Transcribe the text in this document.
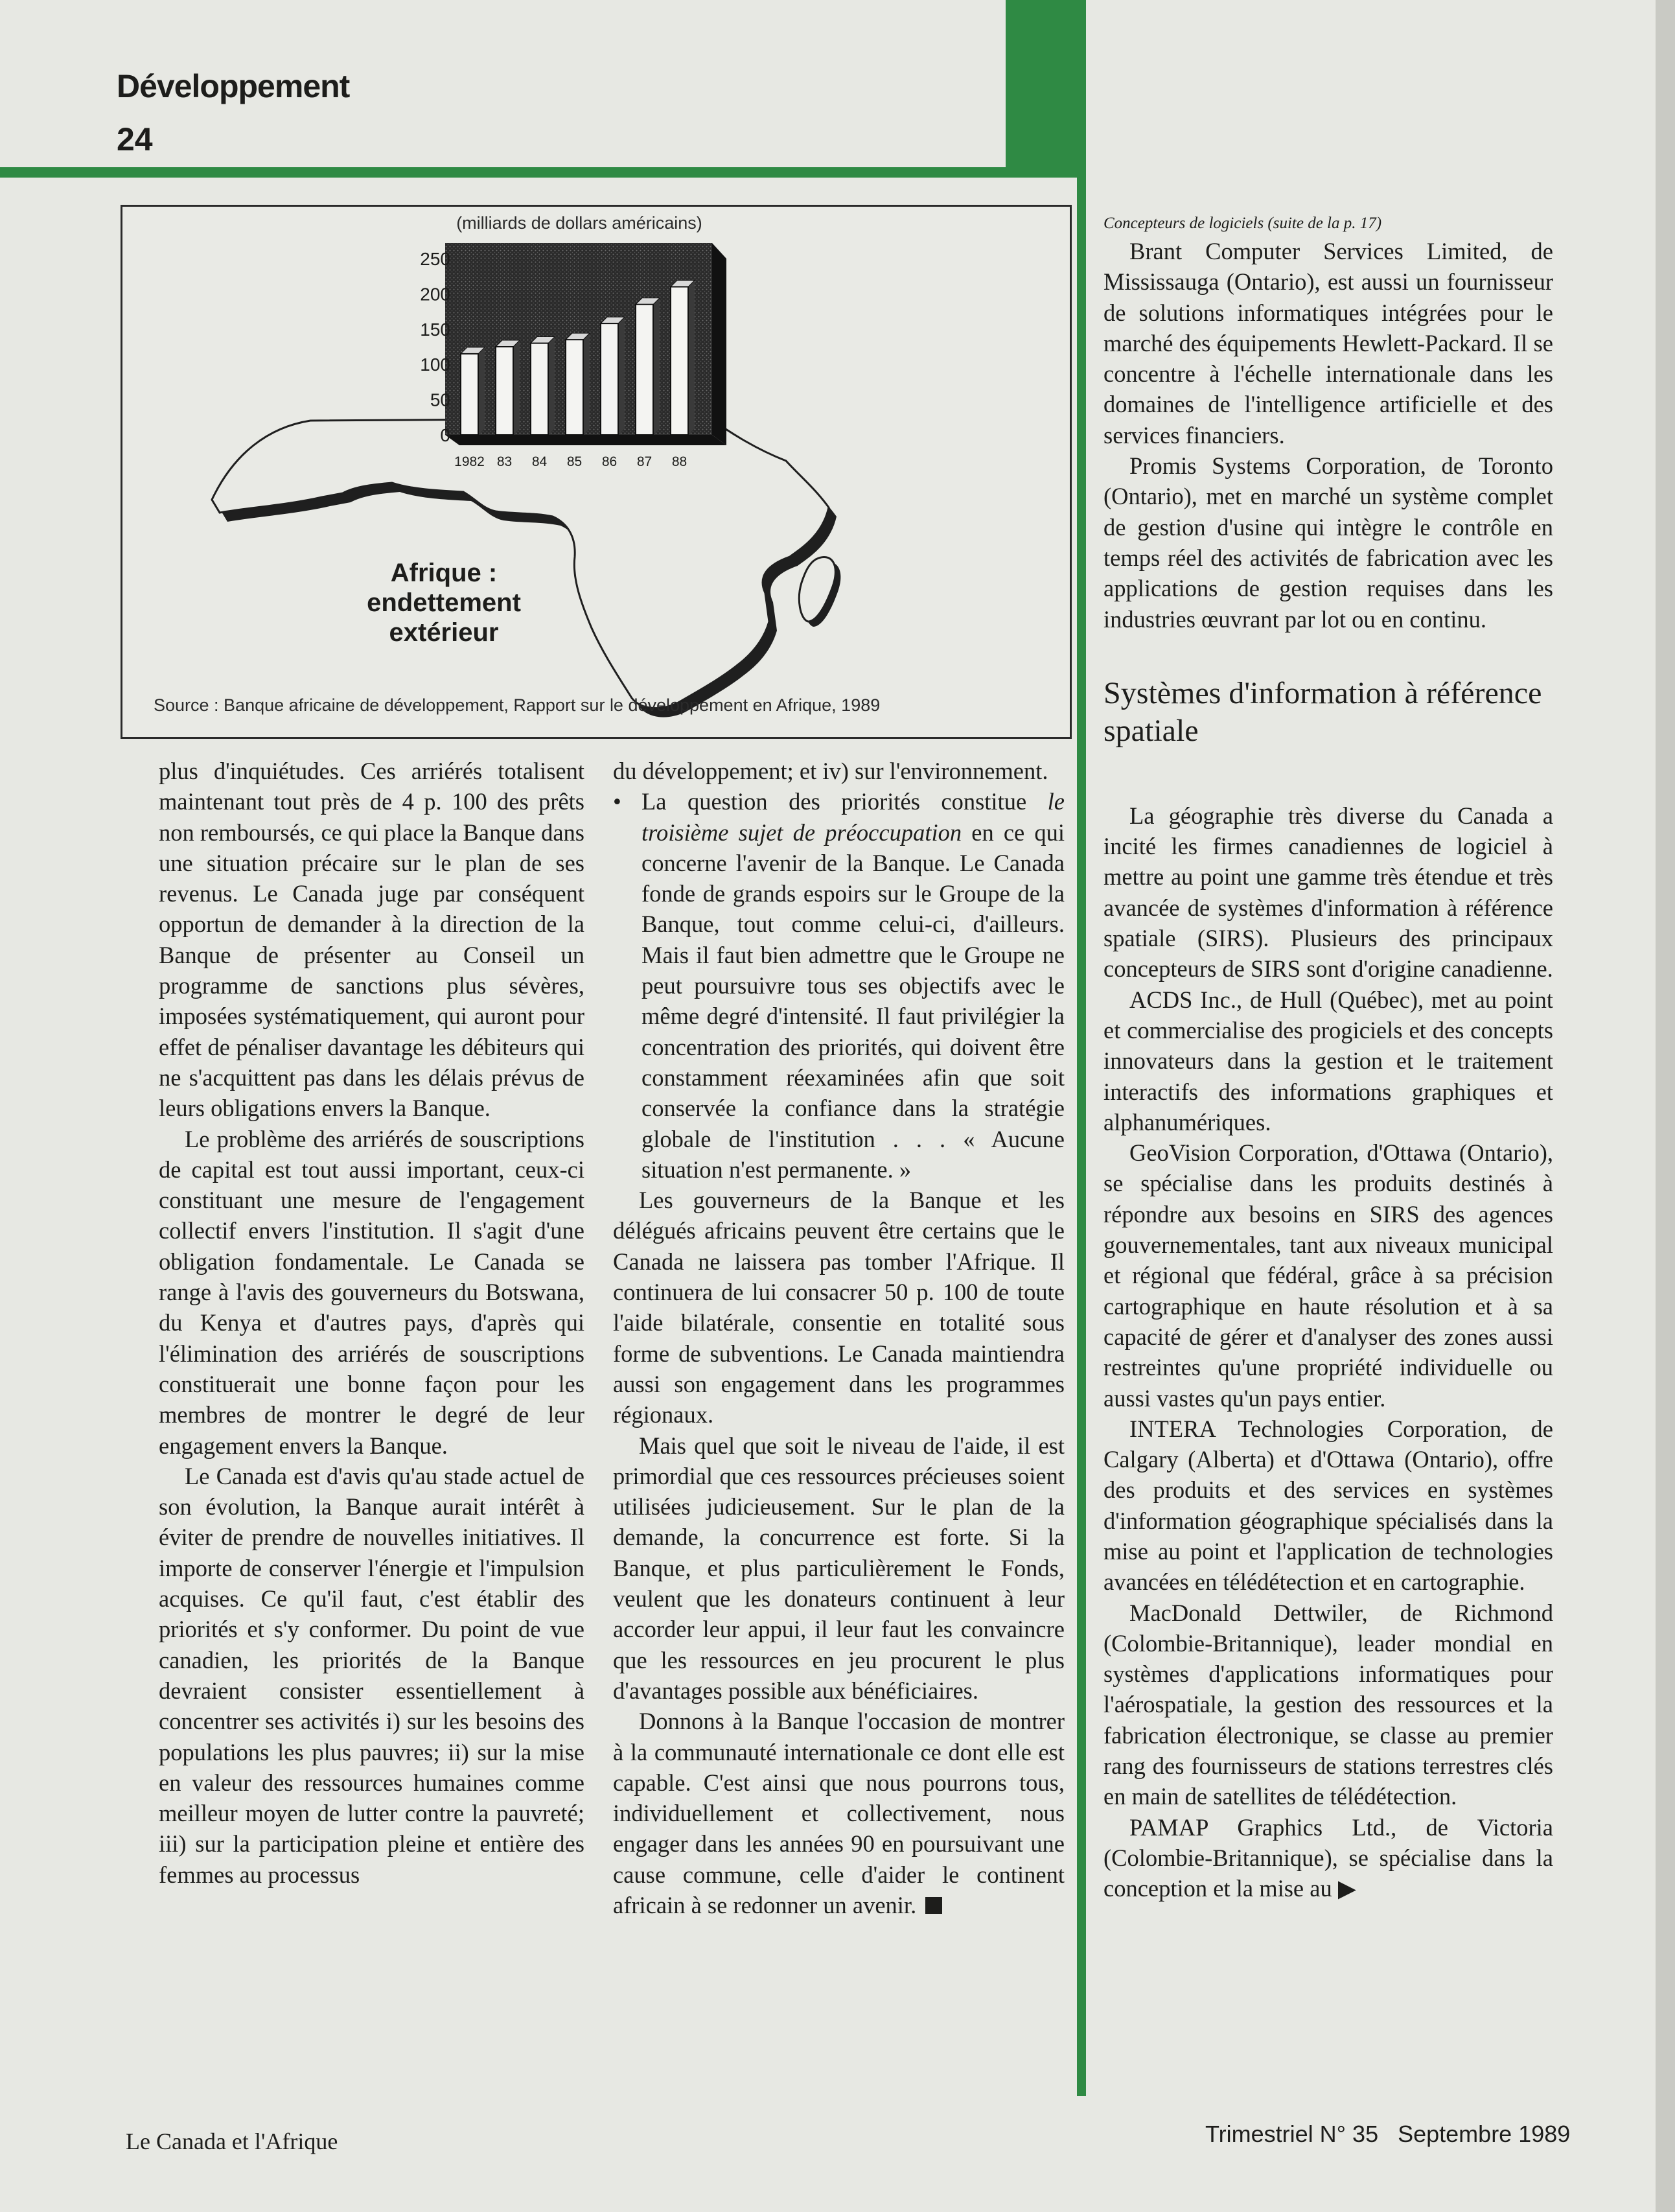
Développement
24
0
50
100
150
200
250
1982 83 84 85 86 87 88
(milliards de dollars américains)
Afrique :
endettement
extérieur
Source : Banque africaine de développement, Rapport sur le développement en Afrique, 1989

plus d'inquiétudes. Ces arriérés totalisent maintenant tout près de 4 p. 100 des prêts non remboursés, ce qui place la Banque dans une situation précaire sur le plan de ses revenus. Le Canada juge par conséquent opportun de demander à la direction de la Banque de présenter au Conseil un programme de sanctions plus sévères, imposées systématiquement, qui auront pour effet de pénaliser davantage les débiteurs qui ne s'acquittent pas dans les délais prévus de leurs obligations envers la Banque.

Le problème des arriérés de souscriptions de capital est tout aussi important, ceux-ci constituant une mesure de l'engagement collectif envers l'institution. Il s'agit d'une obligation fondamentale. Le Canada se range à l'avis des gouverneurs du Botswana, du Kenya et d'autres pays, d'après qui l'élimination des arriérés de souscriptions constituerait une bonne façon pour les membres de montrer le degré de leur engagement envers la Banque.

Le Canada est d'avis qu'au stade actuel de son évolution, la Banque aurait intérêt à éviter de prendre de nouvelles initiatives. Il importe de conserver l'énergie et l'impulsion acquises. Ce qu'il faut, c'est établir des priorités et s'y conformer. Du point de vue canadien, les priorités de la Banque devraient consister essentiellement à concentrer ses activités i) sur les besoins des populations les plus pauvres; ii) sur la mise en valeur des ressources humaines comme meilleur moyen de lutter contre la pauvreté; iii) sur la participation pleine et entière des femmes au processus

du développement; et iv) sur l'environnement.

• La question des priorités constitue le troisième sujet de préoccupation en ce qui concerne l'avenir de la Banque. Le Canada fonde de grands espoirs sur le Groupe de la Banque, tout comme celui-ci, d'ailleurs. Mais il faut bien admettre que le Groupe ne peut poursuivre tous ses objectifs avec le même degré d'intensité. Il faut privilégier la concentration des priorités, qui doivent être constamment réexaminées afin que soit conservée la confiance dans la stratégie globale de l'institution . . . « Aucune situation n'est permanente. »

Les gouverneurs de la Banque et les délégués africains peuvent être certains que le Canada ne laissera pas tomber l'Afrique. Il continuera de lui consacrer 50 p. 100 de toute l'aide bilatérale, consentie en totalité sous forme de subventions. Le Canada maintiendra aussi son engagement dans les programmes régionaux.

Mais quel que soit le niveau de l'aide, il est primordial que ces ressources précieuses soient utilisées judicieusement. Sur le plan de la demande, la concurrence est forte. Si la Banque, et plus particulièrement le Fonds, veulent que les donateurs continuent à leur accorder leur appui, il leur faut les convaincre que les ressources en jeu procurent le plus d'avantages possible aux bénéficiaires.

Donnons à la Banque l'occasion de montrer à la communauté internationale ce dont elle est capable. C'est ainsi que nous pourrons tous, individuellement et collectivement, nous engager dans les années 90 en poursuivant une cause commune, celle d'aider le continent africain à se redonner un avenir.

Concepteurs de logiciels (suite de la p. 17)

Brant Computer Services Limited, de Mississauga (Ontario), est aussi un fournisseur de solutions informatiques intégrées pour le marché des équipements Hewlett-Packard. Il se concentre à l'échelle internationale dans les domaines de l'intelligence artificielle et des services financiers.

Promis Systems Corporation, de Toronto (Ontario), met en marché un système complet de gestion d'usine qui intègre le contrôle en temps réel des activités de fabrication avec les applications de gestion requises dans les industries œuvrant par lot ou en continu.

Systèmes d'information à référence spatiale

La géographie très diverse du Canada a incité les firmes canadiennes de logiciel à mettre au point une gamme très étendue et très avancée de systèmes d'information à référence spatiale (SIRS). Plusieurs des principaux concepteurs de SIRS sont d'origine canadienne.

ACDS Inc., de Hull (Québec), met au point et commercialise des progiciels et des concepts innovateurs dans la gestion et le traitement interactifs des informations graphiques et alphanumériques.

GeoVision Corporation, d'Ottawa (Ontario), se spécialise dans les produits destinés à répondre aux besoins en SIRS des agences gouvernementales, tant aux niveaux municipal et régional que fédéral, grâce à sa précision cartographique en haute résolution et à sa capacité de gérer et d'analyser des zones aussi restreintes qu'une propriété individuelle ou aussi vastes qu'un pays entier.

INTERA Technologies Corporation, de Calgary (Alberta) et d'Ottawa (Ontario), offre des produits et des services en systèmes d'information géographique spécialisés dans la mise au point et l'application de technologies avancées en télédétection et en cartographie.

MacDonald Dettwiler, de Richmond (Colombie-Britannique), leader mondial en systèmes d'applications informatiques pour l'aérospatiale, la gestion des ressources et la fabrication électronique, se classe au premier rang des fournisseurs de stations terrestres clés en main de satellites de télédétection.

PAMAP Graphics Ltd., de Victoria (Colombie-Britannique), se spécialise dans la conception et la mise au ▶

Le Canada et l'Afrique	Trimestriel N° 35   Septembre 1989
